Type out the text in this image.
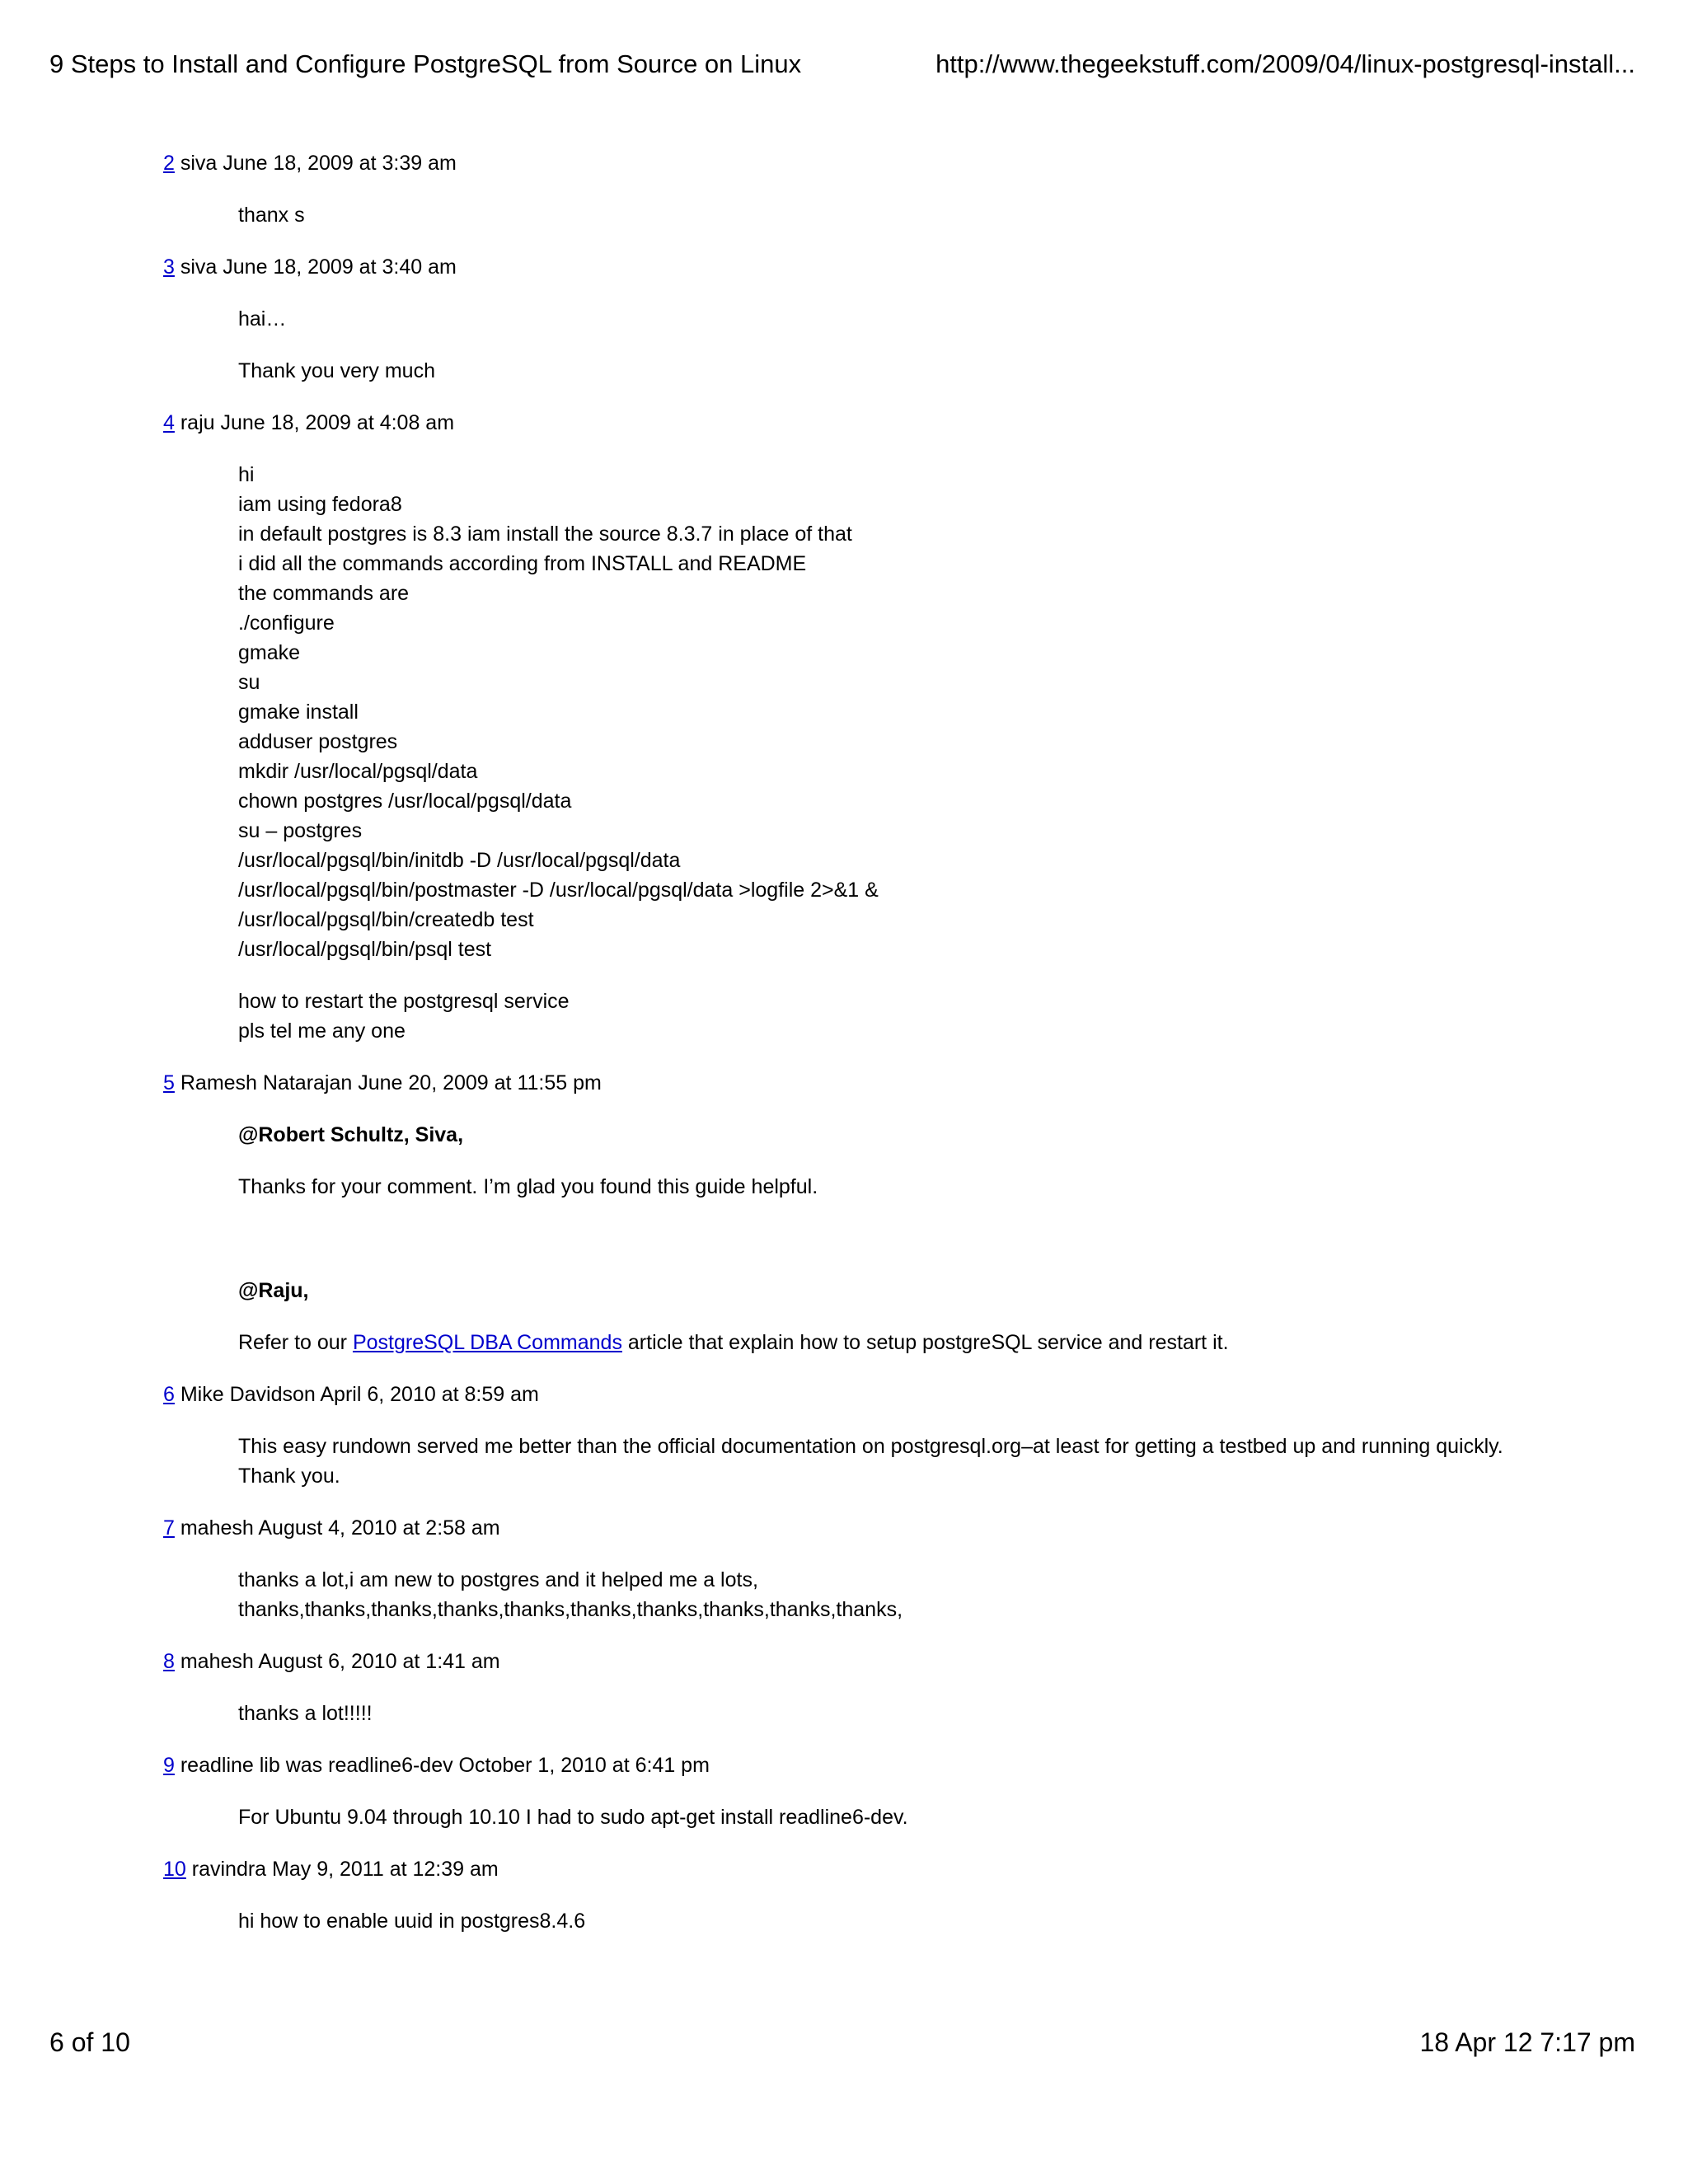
9 Steps to Install and Configure PostgreSQL from Source on Linux	http://www.thegeekstuff.com/2009/04/linux-postgresql-install...
2 siva June 18, 2009 at 3:39 am

thanx s

3 siva June 18, 2009 at 3:40 am

hai…

Thank you very much

4 raju June 18, 2009 at 4:08 am

hi
iam using fedora8
in default postgres is 8.3 iam install the source 8.3.7 in place of that
i did all the commands according from INSTALL and README
the commands are
./configure
gmake
su
gmake install
adduser postgres
mkdir /usr/local/pgsql/data
chown postgres /usr/local/pgsql/data
su – postgres
/usr/local/pgsql/bin/initdb -D /usr/local/pgsql/data
/usr/local/pgsql/bin/postmaster -D /usr/local/pgsql/data >logfile 2>&1 &
/usr/local/pgsql/bin/createdb test
/usr/local/pgsql/bin/psql test

how to restart the postgresql service
pls tel me any one

5 Ramesh Natarajan June 20, 2009 at 11:55 pm

@Robert Schultz, Siva,

Thanks for your comment. I’m glad you found this guide helpful.

@Raju,

Refer to our PostgreSQL DBA Commands article that explain how to setup postgreSQL service and restart it.

6 Mike Davidson April 6, 2010 at 8:59 am

This easy rundown served me better than the official documentation on postgresql.org–at least for getting a testbed up and running quickly.
Thank you.

7 mahesh August 4, 2010 at 2:58 am

thanks a lot,i am new to postgres and it helped me a lots,
thanks,thanks,thanks,thanks,thanks,thanks,thanks,thanks,thanks,thanks,

8 mahesh August 6, 2010 at 1:41 am

thanks a lot!!!!!

9 readline lib was readline6-dev October 1, 2010 at 6:41 pm

For Ubuntu 9.04 through 10.10 I had to sudo apt-get install readline6-dev.

10 ravindra May 9, 2011 at 12:39 am

hi how to enable uuid in postgres8.4.6

6 of 10	18 Apr 12 7:17 pm
